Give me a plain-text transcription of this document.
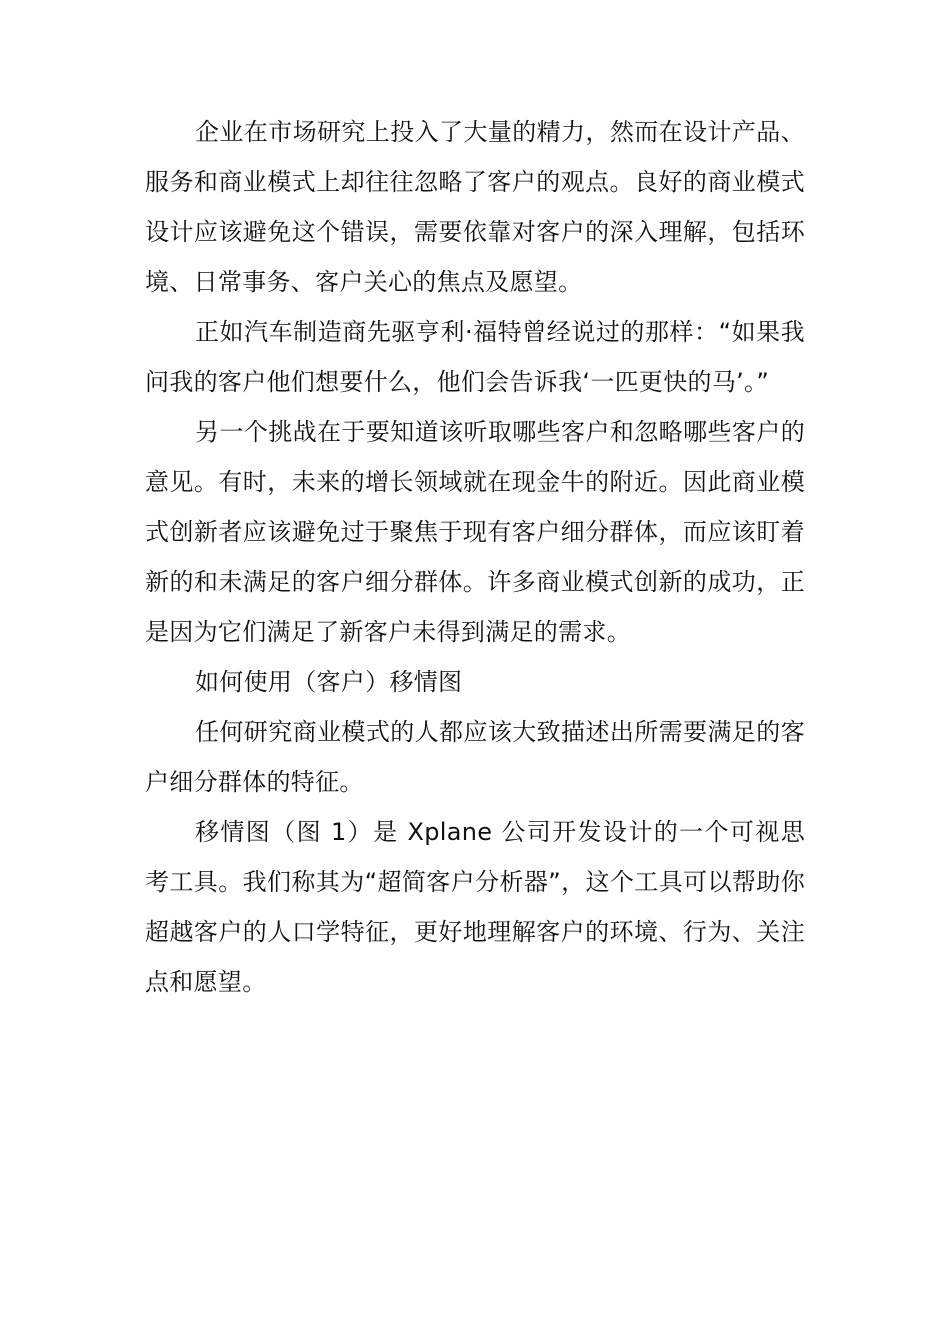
企业在市场研究上投入了大量的精力，然而在设计产品、服务和商业模式上却往往忽略了客户的观点。良好的商业模式设计应该避免这个错误，需要依靠对客户的深入理解，包括环境、日常事务、客户关心的焦点及愿望。

正如汽车制造商先驱亨利·福特曾经说过的那样：“如果我问我的客户他们想要什么，他们会告诉我‘一匹更快的马’。”

另一个挑战在于要知道该听取哪些客户和忽略哪些客户的意见。有时，未来的增长领域就在现金牛的附近。因此商业模式创新者应该避免过于聚焦于现有客户细分群体，而应该盯着新的和未满足的客户细分群体。许多商业模式创新的成功，正是因为它们满足了新客户未得到满足的需求。

如何使用（客户）移情图

任何研究商业模式的人都应该大致描述出所需要满足的客户细分群体的特征。

移情图（图 1）是 Xplane 公司开发设计的一个可视思考工具。我们称其为“超简客户分析器”，这个工具可以帮助你超越客户的人口学特征，更好地理解客户的环境、行为、关注点和愿望。
